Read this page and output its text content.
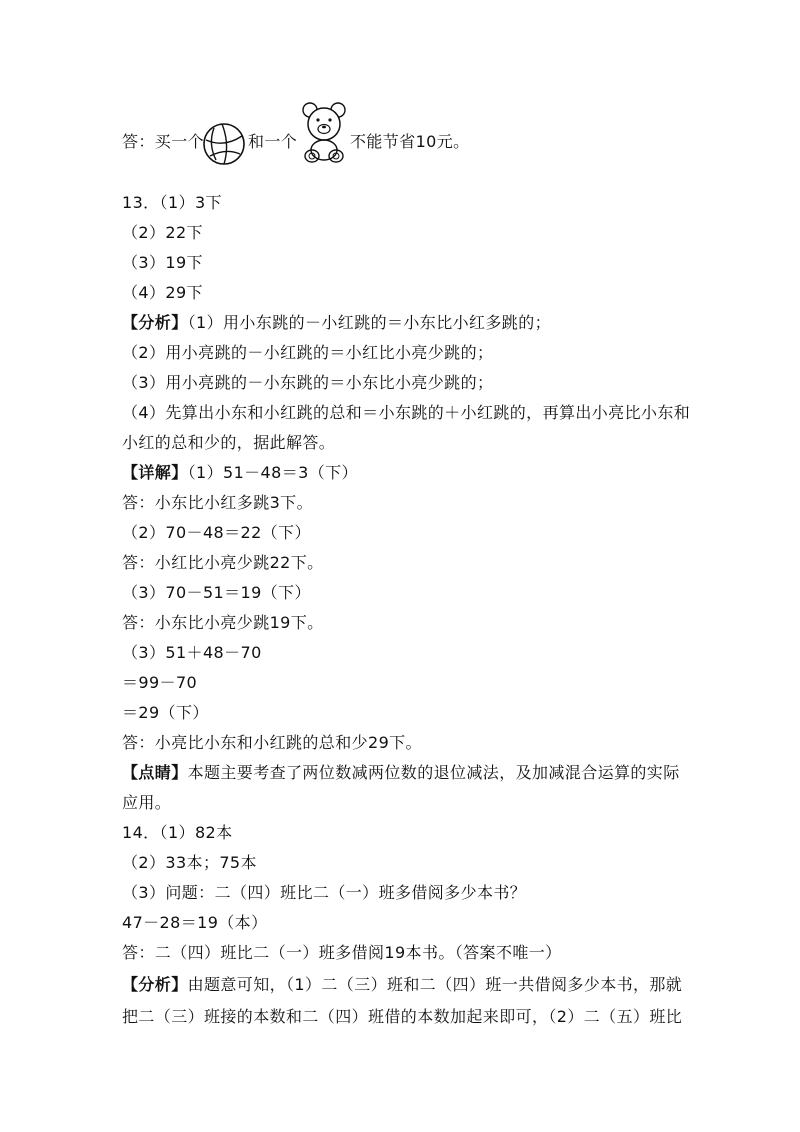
答：买一个	和一个	不能节省10元。
13．（1）3下
（2）22下
（3）19下
（4）29下
【分析】（1）用小东跳的－小红跳的＝小东比小红多跳的；
（2）用小亮跳的－小红跳的＝小红比小亮少跳的；
（3）用小亮跳的－小东跳的＝小东比小亮少跳的；
（4）先算出小东和小红跳的总和＝小东跳的＋小红跳的，再算出小亮比小东和
小红的总和少的，据此解答。
【详解】（1）51－48＝3（下）
答：小东比小红多跳3下。
（2）70－48＝22（下）
答：小红比小亮少跳22下。
（3）70－51＝19（下）
答：小东比小亮少跳19下。
（3）51＋48－70
＝99－70
＝29（下）
答：小亮比小东和小红跳的总和少29下。
【点睛】本题主要考查了两位数减两位数的退位减法，及加减混合运算的实际
应用。
14．（1）82本
（2）33本；75本
（3）问题：二（四）班比二（一）班多借阅多少本书？
47－28＝19（本）
答：二（四）班比二（一）班多借阅19本书。（答案不唯一）
【分析】由题意可知，（1）二（三）班和二（四）班一共借阅多少本书，那就
把二（三）班接的本数和二（四）班借的本数加起来即可，（2）二（五）班比
